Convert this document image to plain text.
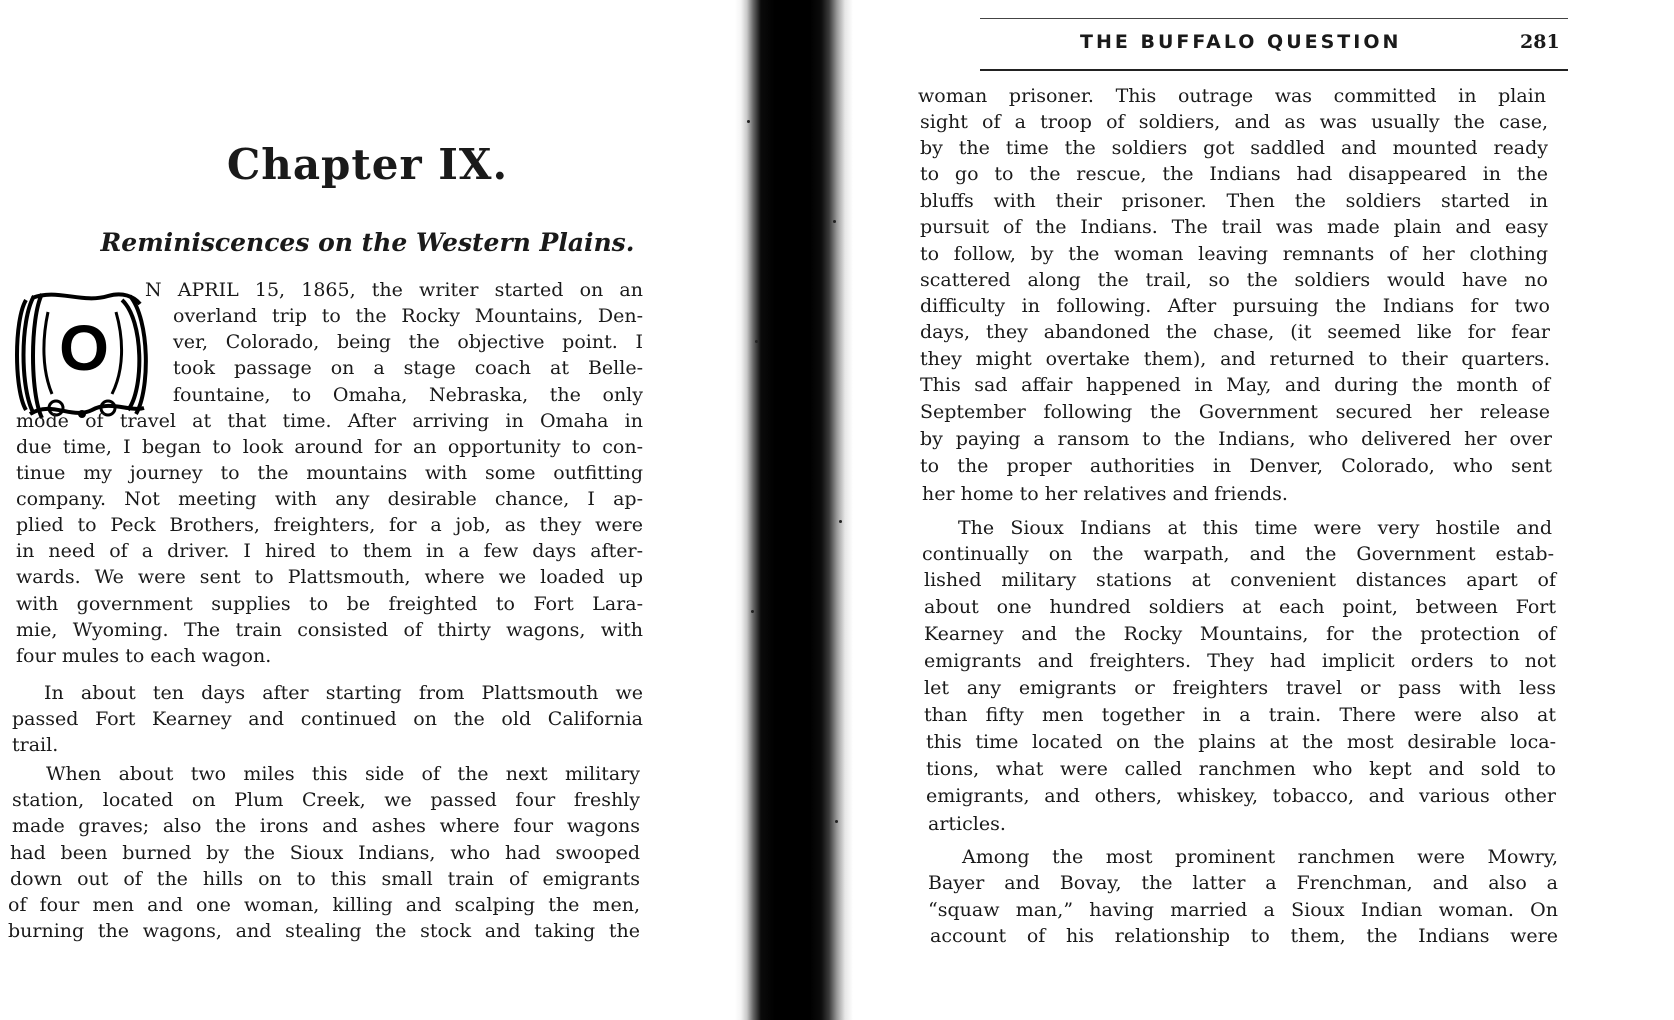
Chapter IX.
Reminiscences on the Western Plains.
O

N APRIL 15, 1865, the writer started on an

overland trip to the Rocky Mountains, Den-

ver, Colorado, being the objective point. I

took passage on a stage coach at Belle-

fountaine, to Omaha, Nebraska, the only

mode of travel at that time. After arriving in Omaha in

due time, I began to look around for an opportunity to con-

tinue my journey to the mountains with some outfitting

company. Not meeting with any desirable chance, I ap-

plied to Peck Brothers, freighters, for a job, as they were

in need of a driver. I hired to them in a few days after-

wards. We were sent to Plattsmouth, where we loaded up

with government supplies to be freighted to Fort Lara-

mie, Wyoming. The train consisted of thirty wagons, with

four mules to each wagon.

In about ten days after starting from Plattsmouth we

passed Fort Kearney and continued on the old California

trail.

When about two miles this side of the next military

station, located on Plum Creek, we passed four freshly

made graves; also the irons and ashes where four wagons

had been burned by the Sioux Indians, who had swooped

down out of the hills on to this small train of emigrants

of four men and one woman, killing and scalping the men,

burning the wagons, and stealing the stock and taking the

THE BUFFALO QUESTION	281

woman prisoner. This outrage was committed in plain

sight of a troop of soldiers, and as was usually the case,

by the time the soldiers got saddled and mounted ready

to go to the rescue, the Indians had disappeared in the

bluffs with their prisoner. Then the soldiers started in

pursuit of the Indians. The trail was made plain and easy

to follow, by the woman leaving remnants of her clothing

scattered along the trail, so the soldiers would have no

difficulty in following. After pursuing the Indians for two

days, they abandoned the chase, (it seemed like for fear

they might overtake them), and returned to their quarters.

This sad affair happened in May, and during the month of

September following the Government secured her release

by paying a ransom to the Indians, who delivered her over

to the proper authorities in Denver, Colorado, who sent

her home to her relatives and friends.

The Sioux Indians at this time were very hostile and

continually on the warpath, and the Government estab-

lished military stations at convenient distances apart of

about one hundred soldiers at each point, between Fort

Kearney and the Rocky Mountains, for the protection of

emigrants and freighters. They had implicit orders to not

let any emigrants or freighters travel or pass with less

than fifty men together in a train. There were also at

this time located on the plains at the most desirable loca-

tions, what were called ranchmen who kept and sold to

emigrants, and others, whiskey, tobacco, and various other

articles.

Among the most prominent ranchmen were Mowry,

Bayer and Bovay, the latter a Frenchman, and also a

“squaw man,” having married a Sioux Indian woman. On

account of his relationship to them, the Indians were
